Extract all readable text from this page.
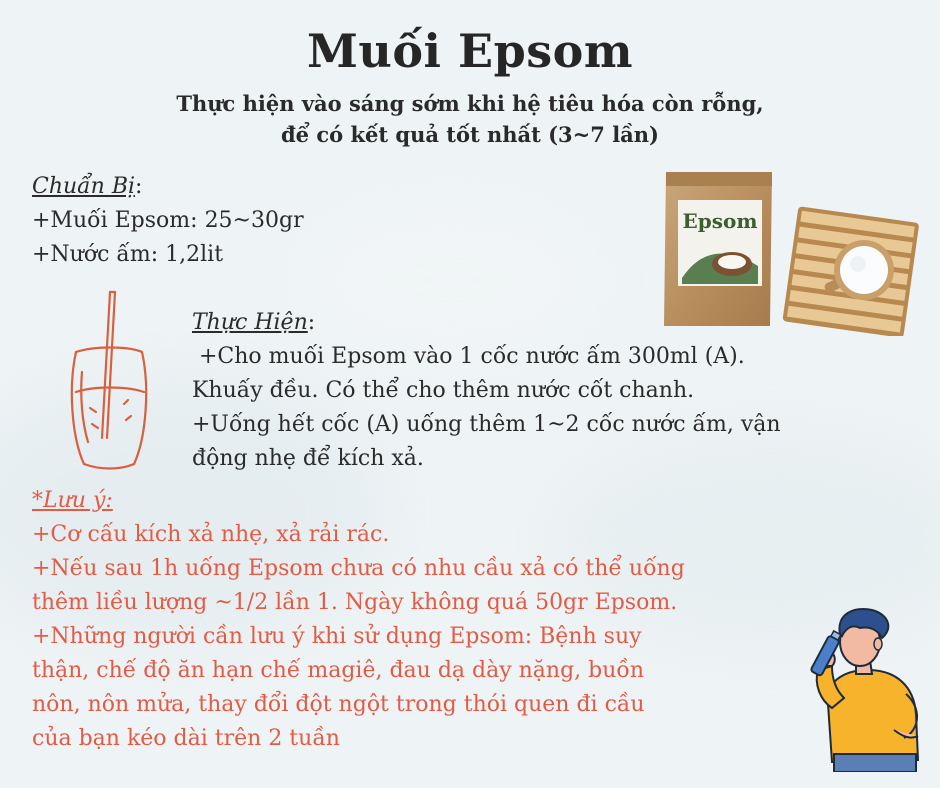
Muối Epsom
Thực hiện vào sáng sớm khi hệ tiêu hóa còn rỗng,
để có kết quả tốt nhất (3~7 lần)
Chuẩn Bị:
+Muối Epsom: 25~30gr
+Nước ấm: 1,2lit
Epsom
Thực Hiện:
+Cho muối Epsom vào 1 cốc nước ấm 300ml (A).
Khuấy đều. Có thể cho thêm nước cốt chanh.
+Uống hết cốc (A) uống thêm 1~2 cốc nước ấm, vận
động nhẹ để kích xả.
*Lưu ý:
+Cơ cấu kích xả nhẹ, xả rải rác.
+Nếu sau 1h uống Epsom chưa có nhu cầu xả có thể uống
thêm liều lượng ~1/2 lần 1. Ngày không quá 50gr Epsom.
+Những người cần lưu ý khi sử dụng Epsom: Bệnh suy
thận, chế độ ăn hạn chế magiê, đau dạ dày nặng, buồn
nôn, nôn mửa, thay đổi đột ngột trong thói quen đi cầu
của bạn kéo dài trên 2 tuần
